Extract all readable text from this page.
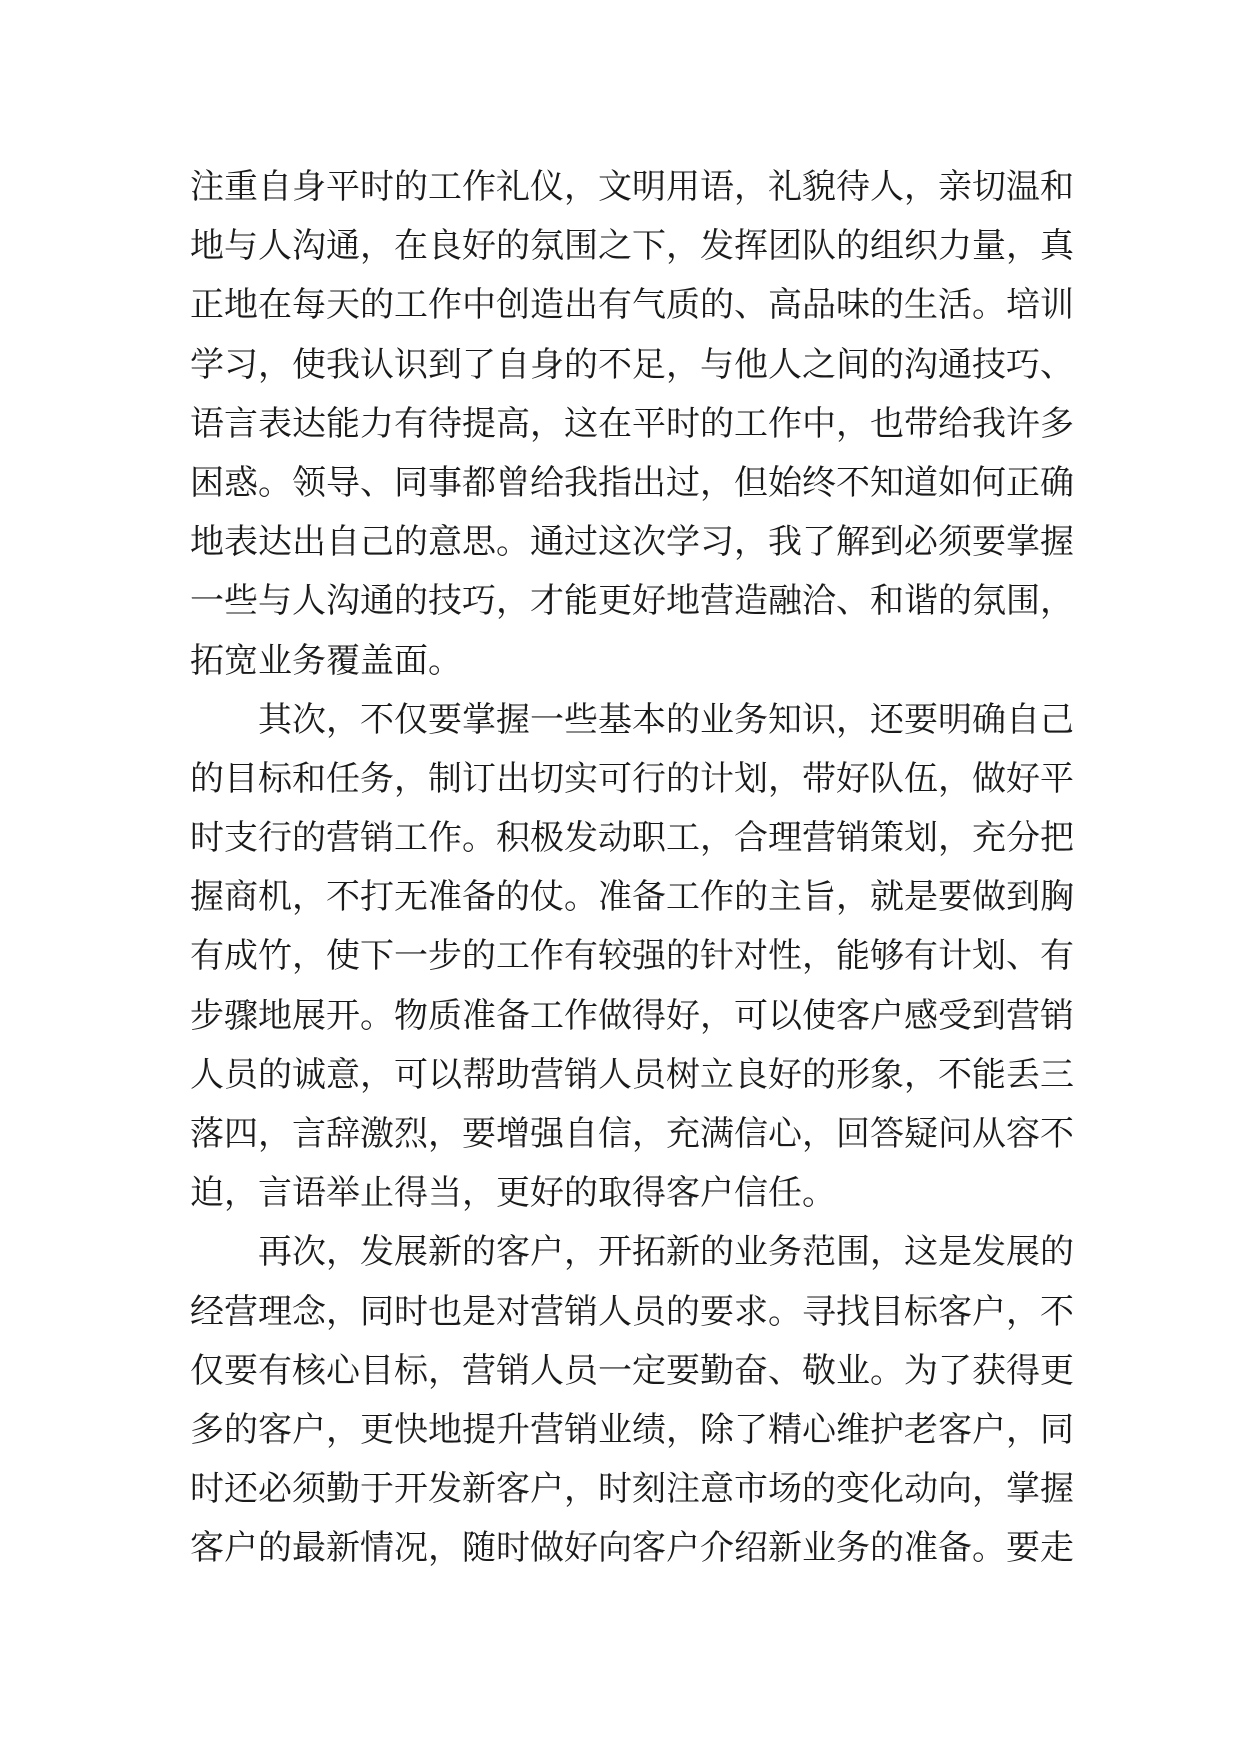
注重自身平时的工作礼仪，文明用语，礼貌待人，亲切温和
地与人沟通，在良好的氛围之下，发挥团队的组织力量，真
正地在每天的工作中创造出有气质的、高品味的生活。培训
学习，使我认识到了自身的不足，与他人之间的沟通技巧、
语言表达能力有待提高，这在平时的工作中，也带给我许多
困惑。领导、同事都曾给我指出过，但始终不知道如何正确
地表达出自己的意思。通过这次学习，我了解到必须要掌握
一些与人沟通的技巧，才能更好地营造融洽、和谐的氛围，
拓宽业务覆盖面。
其次，不仅要掌握一些基本的业务知识，还要明确自己
的目标和任务，制订出切实可行的计划，带好队伍，做好平
时支行的营销工作。积极发动职工，合理营销策划，充分把
握商机，不打无准备的仗。准备工作的主旨，就是要做到胸
有成竹，使下一步的工作有较强的针对性，能够有计划、有
步骤地展开。物质准备工作做得好，可以使客户感受到营销
人员的诚意，可以帮助营销人员树立良好的形象，不能丢三
落四，言辞激烈，要增强自信，充满信心，回答疑问从容不
迫，言语举止得当，更好的取得客户信任。
再次，发展新的客户，开拓新的业务范围，这是发展的
经营理念，同时也是对营销人员的要求。寻找目标客户，不
仅要有核心目标，营销人员一定要勤奋、敬业。为了获得更
多的客户，更快地提升营销业绩，除了精心维护老客户，同
时还必须勤于开发新客户，时刻注意市场的变化动向，掌握
客户的最新情况，随时做好向客户介绍新业务的准备。要走
